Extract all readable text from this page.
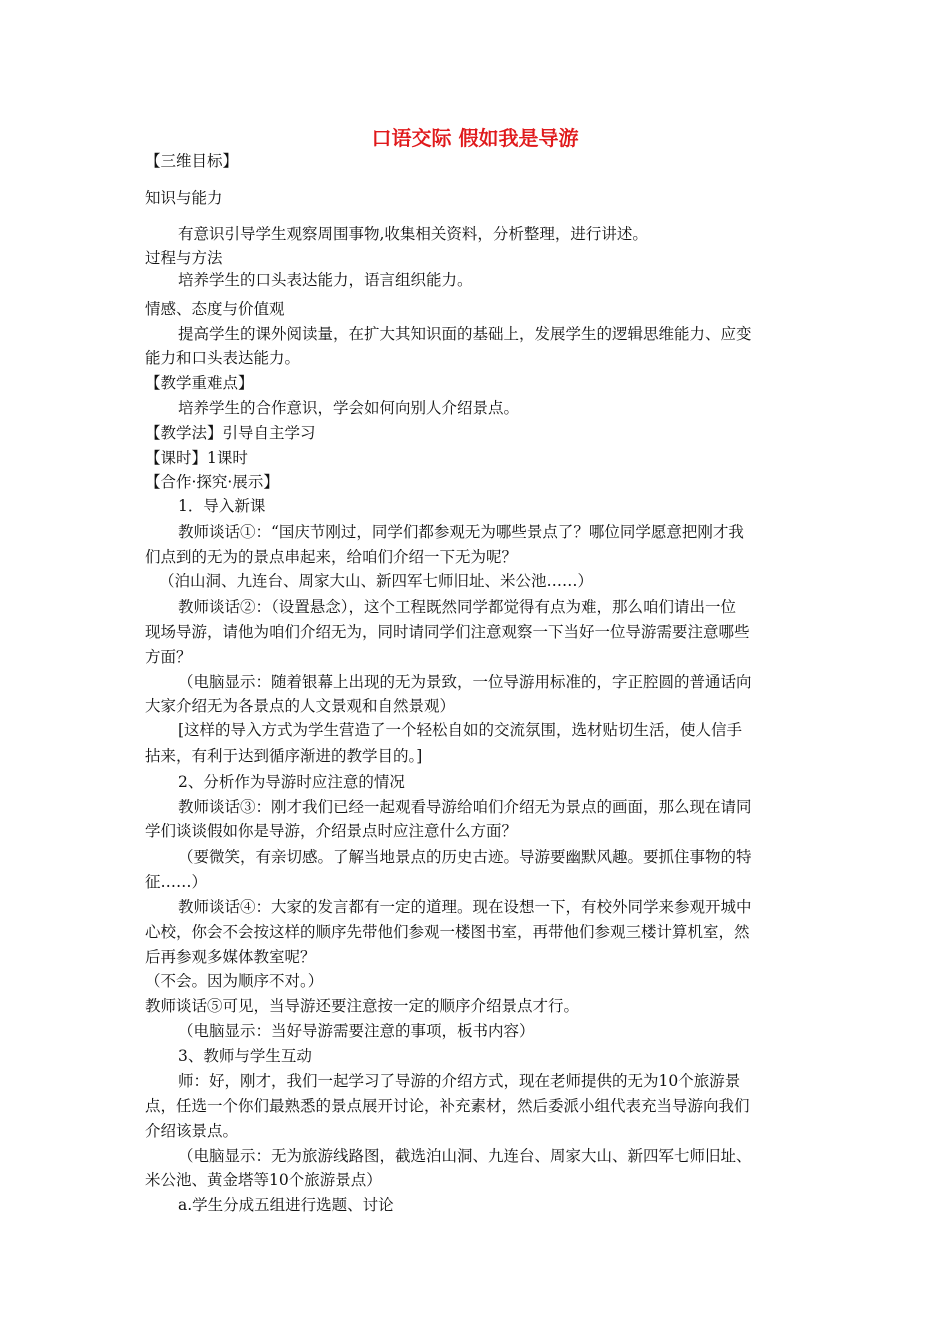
口语交际 假如我是导游

【三维目标】

知识与能力

有意识引导学生观察周围事物,收集相关资料，分析整理，进行讲述。

过程与方法

培养学生的口头表达能力，语言组织能力。

情感、态度与价值观

提高学生的课外阅读量，在扩大其知识面的基础上，发展学生的逻辑思维能力、应变

能力和口头表达能力。

【教学重难点】

培养学生的合作意识，学会如何向别人介绍景点。

【教学法】引导自主学习

【课时】1课时

【合作·探究·展示】

1．导入新课

教师谈话①：“国庆节刚过，同学们都参观无为哪些景点了？哪位同学愿意把刚才我

们点到的无为的景点串起来，给咱们介绍一下无为呢？

（泊山洞、九连台、周家大山、新四军七师旧址、米公池……）

教师谈话②：（设置悬念），这个工程既然同学都觉得有点为难，那么咱们请出一位

现场导游，请他为咱们介绍无为，同时请同学们注意观察一下当好一位导游需要注意哪些

方面？

（电脑显示：随着银幕上出现的无为景致，一位导游用标准的，字正腔圆的普通话向

大家介绍无为各景点的人文景观和自然景观）

[这样的导入方式为学生营造了一个轻松自如的交流氛围，选材贴切生活，使人信手

拈来，有利于达到循序渐进的教学目的。]

2、分析作为导游时应注意的情况

教师谈话③：刚才我们已经一起观看导游给咱们介绍无为景点的画面，那么现在请同

学们谈谈假如你是导游，介绍景点时应注意什么方面？

（要微笑，有亲切感。了解当地景点的历史古迹。导游要幽默风趣。要抓住事物的特

征……）

教师谈话④：大家的发言都有一定的道理。现在设想一下，有校外同学来参观开城中

心校，你会不会按这样的顺序先带他们参观一楼图书室，再带他们参观三楼计算机室，然

后再参观多媒体教室呢？

（不会。因为顺序不对。）

教师谈话⑤可见，当导游还要注意按一定的顺序介绍景点才行。

（电脑显示：当好导游需要注意的事项，板书内容）

3、教师与学生互动

师：好，刚才，我们一起学习了导游的介绍方式，现在老师提供的无为10个旅游景

点，任选一个你们最熟悉的景点展开讨论，补充素材，然后委派小组代表充当导游向我们

介绍该景点。

（电脑显示：无为旅游线路图，截选泊山洞、九连台、周家大山、新四军七师旧址、

米公池、黄金塔等10个旅游景点）

a.学生分成五组进行选题、讨论
